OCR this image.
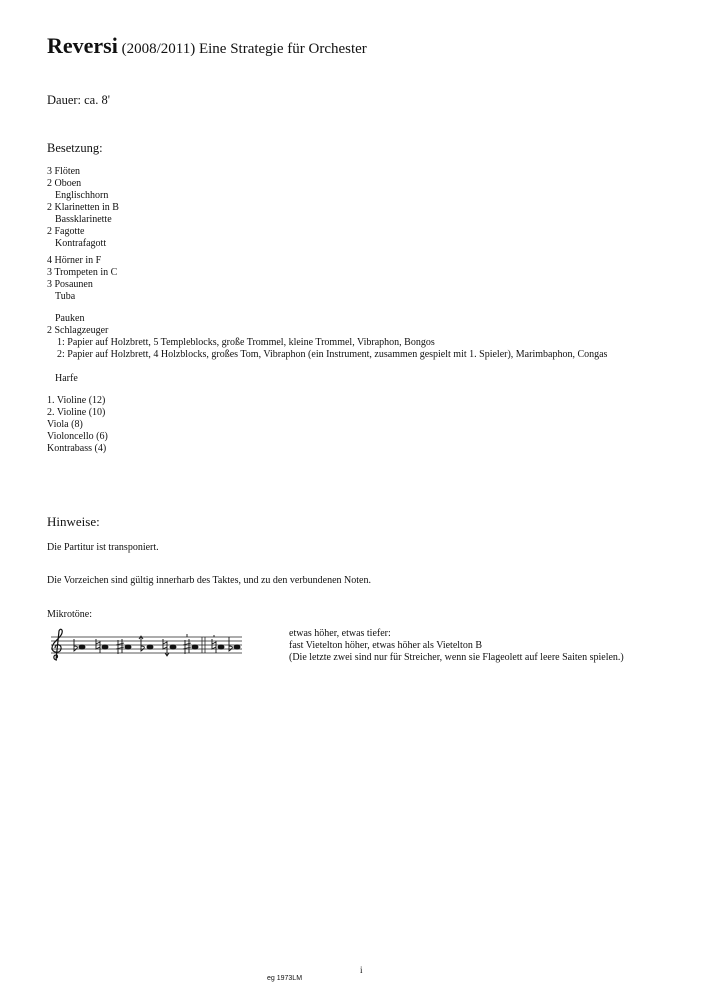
Reversi (2008/2011) Eine Strategie für Orchester
Dauer: ca. 8'
Besetzung:
3 Flöten
2 Oboen
Englischhorn
2 Klarinetten in B
Bassklarinette
2 Fagotte
Kontrafagott
4 Hörner in F
3 Trompeten in C
3 Posaunen
Tuba
Pauken
2 Schlagzeuger
1: Papier auf Holzbrett, 5 Templeblocks, große Trommel, kleine Trommel, Vibraphon, Bongos
2: Papier auf Holzbrett, 4 Holzblocks, großes Tom, Vibraphon (ein Instrument, zusammen gespielt mit 1. Spieler), Marimbaphon, Congas
Harfe
1. Violine (12)
2. Violine (10)
Viola (8)
Violoncello (6)
Kontrabass (4)
Hinweise:
Die Partitur ist transponiert.
Die Vorzeichen sind gültig innerharb des Taktes, und zu den verbundenen Noten.
Mikrotöne:
etwas höher, etwas tiefer:
fast Vietelton höher, etwas höher als Vietelton B
(Die letzte zwei sind nur für Streicher, wenn sie Flageolett auf leere Saiten spielen.)
i
eg 1973LM
